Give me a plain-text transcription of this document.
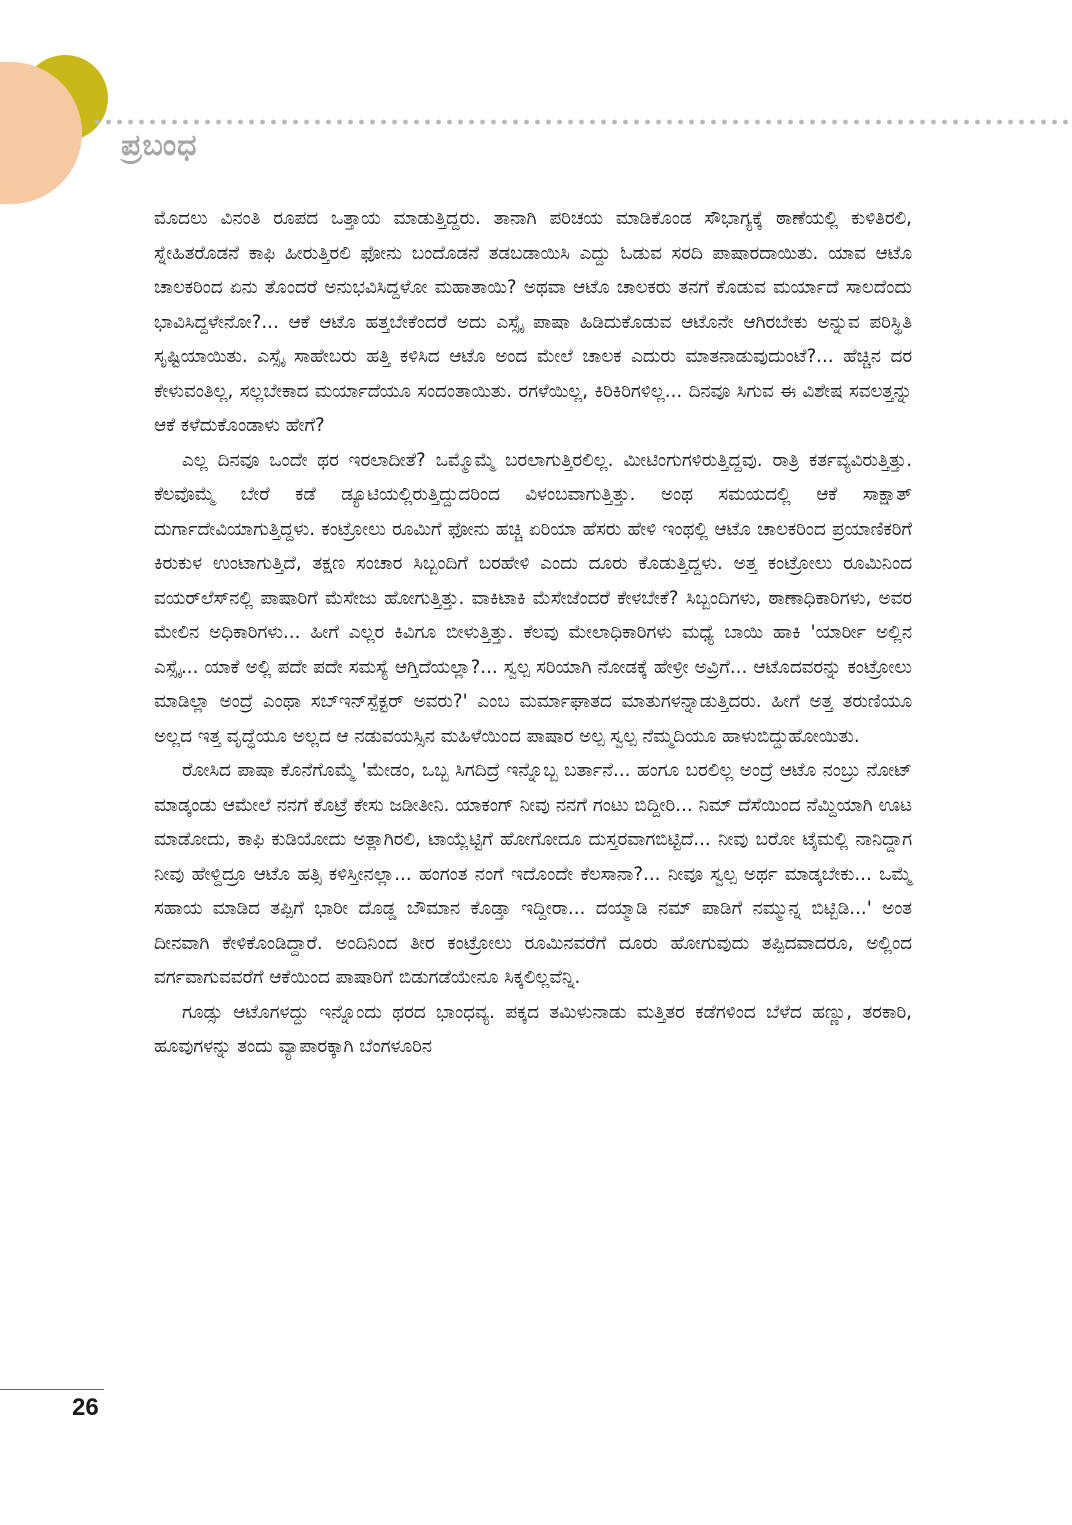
ಪ್ರಬಂಧ

ಮೊದಲು ವಿನಂತಿ ರೂಪದ ಒತ್ತಾಯ ಮಾಡುತ್ತಿದ್ದರು. ತಾನಾಗಿ ಪರಿಚಯ ಮಾಡಿಕೊಂಡ ಸೌಭಾಗ್ಯಕ್ಕೆ ಠಾಣೆಯಲ್ಲಿ ಕುಳಿತಿರಲಿ, ಸ್ನೇಹಿತರೊಡನೆ ಕಾಫಿ ಹೀರುತ್ತಿರಲಿ ಫೋನು ಬಂದೊಡನೆ ತಡಬಡಾಯಿಸಿ ಎದ್ದು ಓಡುವ ಸರದಿ ಪಾಷಾರದಾಯಿತು. ಯಾವ ಆಟೊ ಚಾಲಕರಿಂದ ಏನು ತೊಂದರೆ ಅನುಭವಿಸಿದ್ದಳೋ ಮಹಾತಾಯಿ? ಅಥವಾ ಆಟೊ ಚಾಲಕರು ತನಗೆ ಕೊಡುವ ಮರ್ಯಾದೆ ಸಾಲದೆಂದು ಭಾವಿಸಿದ್ದಳೇನೋ?... ಆಕೆ ಆಟೊ ಹತ್ತಬೇಕೆಂದರೆ ಅದು ಎಸ್ಸೈ ಪಾಷಾ ಹಿಡಿದುಕೊಡುವ ಆಟೊನೇ ಆಗಿರಬೇಕು ಅನ್ನುವ ಪರಿಸ್ಥಿತಿ ಸೃಷ್ಟಿಯಾಯಿತು. ಎಸ್ಸೈ ಸಾಹೇಬರು ಹತ್ತಿ ಕಳಿಸಿದ ಆಟೊ ಅಂದ ಮೇಲೆ ಚಾಲಕ ಎದುರು ಮಾತನಾಡುವುದುಂಟೆ?... ಹೆಚ್ಚಿನ ದರ ಕೇಳುವಂತಿಲ್ಲ, ಸಲ್ಲಬೇಕಾದ ಮರ್ಯಾದೆಯೂ ಸಂದಂತಾಯಿತು. ರಗಳೆಯಿಲ್ಲ, ಕಿರಿಕಿರಿಗಳಿಲ್ಲ... ದಿನವೂ ಸಿಗುವ ಈ ವಿಶೇಷ ಸವಲತ್ತನ್ನು ಆಕೆ ಕಳೆದುಕೊಂಡಾಳು ಹೇಗೆ?

ಎಲ್ಲ ದಿನವೂ ಒಂದೇ ಥರ ಇರಲಾದೀತೆ? ಒಮ್ಮೊಮ್ಮೆ ಬರಲಾಗುತ್ತಿರಲಿಲ್ಲ. ಮೀಟಿಂಗುಗಳಿರುತ್ತಿದ್ದವು. ರಾತ್ರಿ ಕರ್ತವ್ಯವಿರುತ್ತಿತ್ತು. ಕೆಲವೊಮ್ಮೆ ಬೇರೆ ಕಡೆ ಡ್ಯೂಟಿಯಲ್ಲಿರುತ್ತಿದ್ದುದರಿಂದ ವಿಳಂಬವಾಗುತ್ತಿತ್ತು. ಅಂಥ ಸಮಯದಲ್ಲಿ ಆಕೆ ಸಾಕ್ಷಾತ್ ದುರ್ಗಾದೇವಿಯಾಗುತ್ತಿದ್ದಳು. ಕಂಟ್ರೋಲು ರೂಮಿಗೆ ಫೋನು ಹಚ್ಚಿ ಏರಿಯಾ ಹೆಸರು ಹೇಳಿ ಇಂಥಲ್ಲಿ ಆಟೊ ಚಾಲಕರಿಂದ ಪ್ರಯಾಣಿಕರಿಗೆ ಕಿರುಕುಳ ಉಂಟಾಗುತ್ತಿದೆ, ತಕ್ಷಣ ಸಂಚಾರ ಸಿಬ್ಬಂದಿಗೆ ಬರಹೇಳಿ ಎಂದು ದೂರು ಕೊಡುತ್ತಿದ್ದಳು. ಅತ್ತ ಕಂಟ್ರೋಲು ರೂಮಿನಿಂದ ವಯರ್‌ಲೆಸ್‌ನಲ್ಲಿ ಪಾಷಾರಿಗೆ ಮೆಸೇಜು ಹೋಗುತ್ತಿತ್ತು. ವಾಕಿಟಾಕಿ ಮೆಸೇಜೆಂದರೆ ಕೇಳಬೇಕೆ? ಸಿಬ್ಬಂದಿಗಳು, ಠಾಣಾಧಿಕಾರಿಗಳು, ಅವರ ಮೇಲಿನ ಅಧಿಕಾರಿಗಳು... ಹೀಗೆ ಎಲ್ಲರ ಕಿವಿಗೂ ಬೀಳುತ್ತಿತ್ತು. ಕೆಲವು ಮೇಲಾಧಿಕಾರಿಗಳು ಮಧ್ಯೆ ಬಾಯಿ ಹಾಕಿ 'ಯಾರ್ರೀ ಅಲ್ಲಿನ ಎಸ್ಸೈ... ಯಾಕೆ ಅಲ್ಲಿ ಪದೇ ಪದೇ ಸಮಸ್ಯೆ ಆಗ್ತಿದೆಯಲ್ಲಾ?... ಸ್ವಲ್ಪ ಸರಿಯಾಗಿ ನೋಡಕ್ಕೆ ಹೇಳ್ರೀ ಅವ್ರಿಗೆ... ಆಟೊದವರನ್ನು ಕಂಟ್ರೋಲು ಮಾಡಿಲ್ಲಾ ಅಂದ್ರೆ ಎಂಥಾ ಸಬ್‌ಇನ್‌ಸ್ಪೆಕ್ಟರ್ ಅವರು?' ಎಂಬ ಮರ್ಮಾಘಾತದ ಮಾತುಗಳನ್ನಾಡುತ್ತಿದರು. ಹೀಗೆ ಅತ್ತ ತರುಣಿಯೂ ಅಲ್ಲದ ಇತ್ತ ವೃದ್ಧೆಯೂ ಅಲ್ಲದ ಆ ನಡುವಯಸ್ಸಿನ ಮಹಿಳೆಯಿಂದ ಪಾಷಾರ ಅಲ್ಪ ಸ್ವಲ್ಪ ನೆಮ್ಮದಿಯೂ ಹಾಳುಬಿದ್ದುಹೋಯಿತು.

ರೋಸಿದ ಪಾಷಾ ಕೊನೆಗೊಮ್ಮೆ 'ಮೇಡಂ, ಒಬ್ಬ ಸಿಗದಿದ್ರೆ ಇನ್ನೊಬ್ಬ ಬರ್ತಾನೆ... ಹಂಗೂ ಬರಲಿಲ್ಲ ಅಂದ್ರೆ ಆಟೊ ನಂಬ್ರು ನೋಟ್ ಮಾಡ್ಕಂಡು ಆಮೇಲೆ ನನಗೆ ಕೊಟ್ರೆ ಕೇಸು ಜಡೀತೀನಿ. ಯಾಕಂಗ್ ನೀವು ನನಗೆ ಗಂಟು ಬಿದ್ದೀರಿ... ನಿಮ್ ದೆಸೆಯಿಂದ ನೆಮ್ದಿಯಾಗಿ ಊಟ ಮಾಡೋದು, ಕಾಫಿ ಕುಡಿಯೋದು ಅತ್ಲಾಗಿರಲಿ, ಟಾಯ್ಲೆಟ್ಟಿಗೆ ಹೋಗೋದೂ ದುಸ್ತರವಾಗಬಿಟ್ಟಿದೆ... ನೀವು ಬರೋ ಟೈಮಲ್ಲಿ ನಾನಿದ್ದಾಗ ನೀವು ಹೇಳ್ದಿದ್ರೂ ಆಟೊ ಹತ್ಸಿ ಕಳಿಸ್ತೀನಲ್ಲಾ... ಹಂಗಂತ ನಂಗೆ ಇದೊಂದೇ ಕೆಲಸಾನಾ?... ನೀವೂ ಸ್ವಲ್ಪ ಅರ್ಥ ಮಾಡ್ಕಬೇಕು... ಒಮ್ಮೆ ಸಹಾಯ ಮಾಡಿದ ತಪ್ಪಿಗೆ ಭಾರೀ ದೊಡ್ಡ ಬೌಮಾನ ಕೊಡ್ತಾ ಇದ್ದೀರಾ... ದಯ್ಮಾಡಿ ನಮ್ ಪಾಡಿಗೆ ನಮ್ಮುನ್ನ ಬಿಟ್ಬಿಡಿ...' ಅಂತ ದೀನವಾಗಿ ಕೇಳಿಕೊಂಡಿದ್ದಾರೆ. ಅಂದಿನಿಂದ ತೀರ ಕಂಟ್ರೋಲು ರೂಮಿನವರೆಗೆ ದೂರು ಹೋಗುವುದು ತಪ್ಪಿದವಾದರೂ, ಅಲ್ಲಿಂದ ವರ್ಗವಾಗುವವರೆಗೆ ಆಕೆಯಿಂದ ಪಾಷಾರಿಗೆ ಬಿಡುಗಡೆಯೇನೂ ಸಿಕ್ಕಲಿಲ್ಲವೆನ್ನಿ.

ಗೂಡ್ಸು ಆಟೊಗಳದ್ದು ಇನ್ನೊಂದು ಥರದ ಭಾಂಧವ್ಯ. ಪಕ್ಕದ ತಮಿಳುನಾಡು ಮತ್ತಿತರ ಕಡೆಗಳಿಂದ ಬೆಳೆದ ಹಣ್ಣು, ತರಕಾರಿ, ಹೂವುಗಳನ್ನು ತಂದು ವ್ಯಾಪಾರಕ್ಕಾಗಿ ಬೆಂಗಳೂರಿನ

26
